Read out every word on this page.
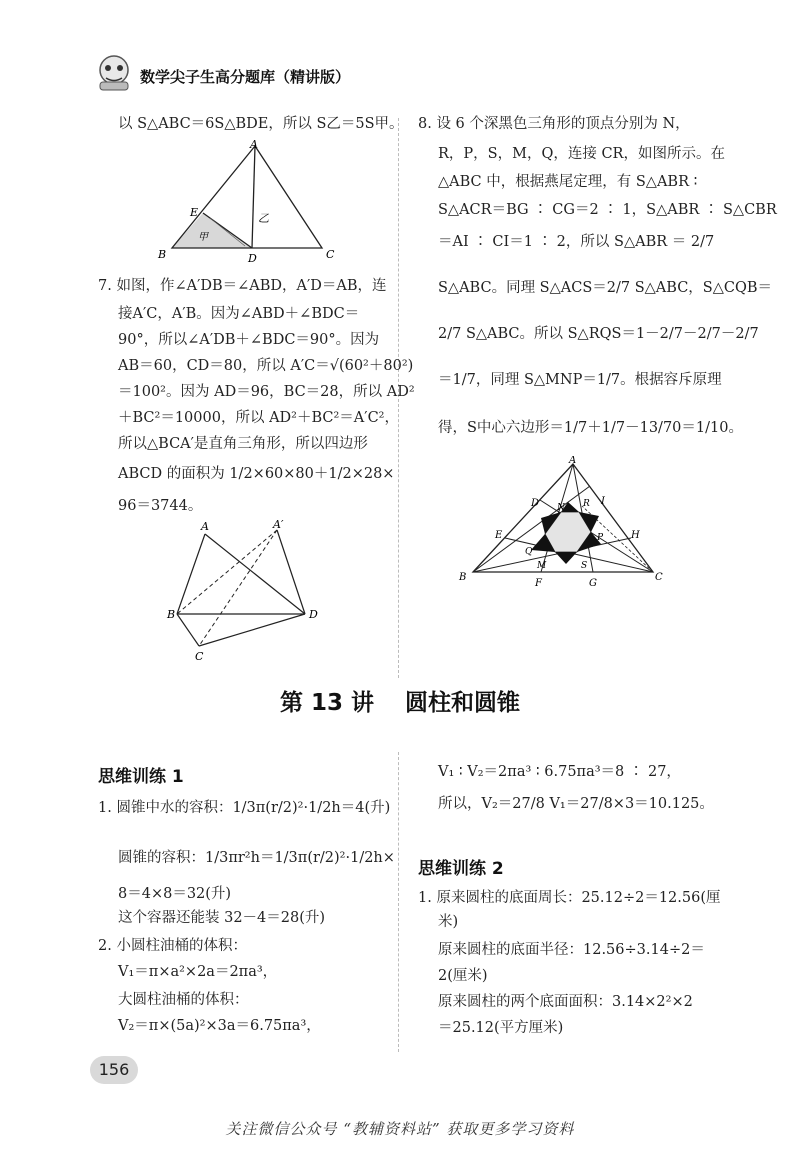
数学尖子生高分题库（精讲版）
以 S△ABC＝6S△BDE，所以 S乙＝5S甲。
A
B	C
D
E
甲
乙
7. 如图，作∠A′DB＝∠ABD，A′D＝AB，连
接A′C，A′B。因为∠ABD＋∠BDC＝
90°，所以∠A′DB＋∠BDC＝90°。因为
AB＝60，CD＝80，所以 A′C＝√(60²＋80²)
＝100²。因为 AD＝96，BC＝28，所以 AD²
＋BC²＝10000，所以 AD²＋BC²＝A′C²，
所以△BCA′是直角三角形，所以四边形
ABCD 的面积为 1/2×60×80＋1/2×28×
96＝3744。
A	A′
B
C
D
8. 设 6 个深黑色三角形的顶点分别为 N，
R，P，S，M，Q，连接 CR，如图所示。在
△ABC 中，根据燕尾定理，有 S△ABR ∶
S△ACR＝BG ∶ CG＝2 ∶ 1，S△ABR ∶ S△CBR
＝AI ∶ CI＝1 ∶ 2，所以 S△ABR ＝ 2/7
S△ABC。同理 S△ACS＝2/7 S△ABC，S△CQB＝
2/7 S△ABC。所以 S△RQS＝1－2/7－2/7－2/7
＝1/7，同理 S△MNP＝1/7。根据容斥原理
得，S中心六边形＝1/7＋1/7－13/70＝1/10。
A
B	C
D
E
F	G
H
I
M
N
P
Q
R
S
第 13 讲　 圆柱和圆锥
思维训练 1
1. 圆锥中水的容积：1/3π(r/2)²·1/2h＝4(升)
圆锥的容积：1/3πr²h＝1/3π(r/2)²·1/2h×
8＝4×8＝32(升)
这个容器还能装 32－4＝28(升)
2. 小圆柱油桶的体积：
V₁＝π×a²×2a＝2πa³，
大圆柱油桶的体积：
V₂＝π×(5a)²×3a＝6.75πa³，
V₁ ∶ V₂＝2πa³ ∶ 6.75πa³＝8 ∶ 27，
所以，V₂＝27/8 V₁＝27/8×3＝10.125。
思维训练 2
1. 原来圆柱的底面周长：25.12÷2＝12.56(厘
米)
原来圆柱的底面半径：12.56÷3.14÷2＝
2(厘米)
原来圆柱的两个底面面积：3.14×2²×2
＝25.12(平方厘米)
156
关注微信公众号 “教辅资料站” 获取更多学习资料
